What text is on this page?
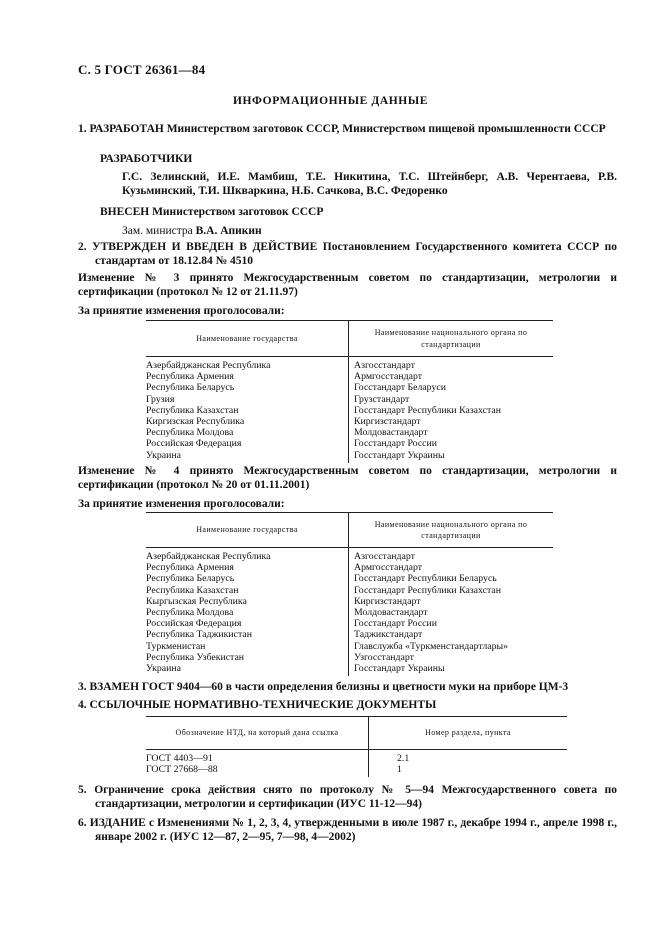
С. 5 ГОСТ 26361—84
ИНФОРМАЦИОННЫЕ ДАННЫЕ
1. РАЗРАБОТАН Министерством заготовок СССР, Министерством пищевой промышленности СССР
РАЗРАБОТЧИКИ
Г.С. Зелинский, И.Е. Мамбиш, Т.Е. Никитина, Т.С. Штейнберг, А.В. Черентаева, Р.В. Кузьминский, Т.И. Шкваркина, Н.Б. Сачкова, В.С. Федоренко
ВНЕСЕН Министерством заготовок СССР
Зам. министра В.А. Апикин
2. УТВЕРЖДЕН И ВВЕДЕН В ДЕЙСТВИЕ Постановлением Государственного комитета СССР по стандартам от 18.12.84 № 4510
Изменение № 3 принято Межгосударственным советом по стандартизации, метрологии и сертификации (протокол № 12 от 21.11.97)
За принятие изменения проголосовали:
Наименование государства	Наименование национального органа по стандартизации
Азербайджанская Республика	Азгосстандарт
Республика Армения	Армгосстандарт
Республика Беларусь	Госстандарт Беларуси
Грузия	Грузстандарт
Республика Казахстан	Госстандарт Республики Казахстан
Киргизская Республика	Киргизстандарт
Республика Молдова	Молдовастандарт
Российская Федерация	Госстандарт России
Украина	Госстандарт Украины
Изменение № 4 принято Межгосударственным советом по стандартизации, метрологии и сертификации (протокол № 20 от 01.11.2001)
За принятие изменения проголосовали:
Наименование государства	Наименование национального органа по стандартизации
Азербайджанская Республика	Азгосстандарт
Республика Армения	Армгосстандарт
Республика Беларусь	Госстандарт Республики Беларусь
Республика Казахстан	Госстандарт Республики Казахстан
Кыргызская Республика	Киргизстандарт
Республика Молдова	Молдовастандарт
Российская Федерация	Госстандарт России
Республика Таджикистан	Таджикстандарт
Туркменистан	Главслужба «Туркменстандартлары»
Республика Узбекистан	Узгосстандарт
Украина	Госстандарт Украины
3. ВЗАМЕН ГОСТ 9404—60 в части определения белизны и цветности муки на приборе ЦМ-3
4. ССЫЛОЧНЫЕ НОРМАТИВНО-ТЕХНИЧЕСКИЕ ДОКУМЕНТЫ
Обозначение НТД, на который дана ссылка	Номер раздела, пункта
ГОСТ 4403—91	2.1
ГОСТ 27668—88	1
5. Ограничение срока действия снято по протоколу № 5—94 Межгосударственного совета по стандартизации, метрологии и сертификации (ИУС 11-12—94)
6. ИЗДАНИЕ с Изменениями № 1, 2, 3, 4, утвержденными в июле 1987 г., декабре 1994 г., апреле 1998 г., январе 2002 г. (ИУС 12—87, 2—95, 7—98, 4—2002)
